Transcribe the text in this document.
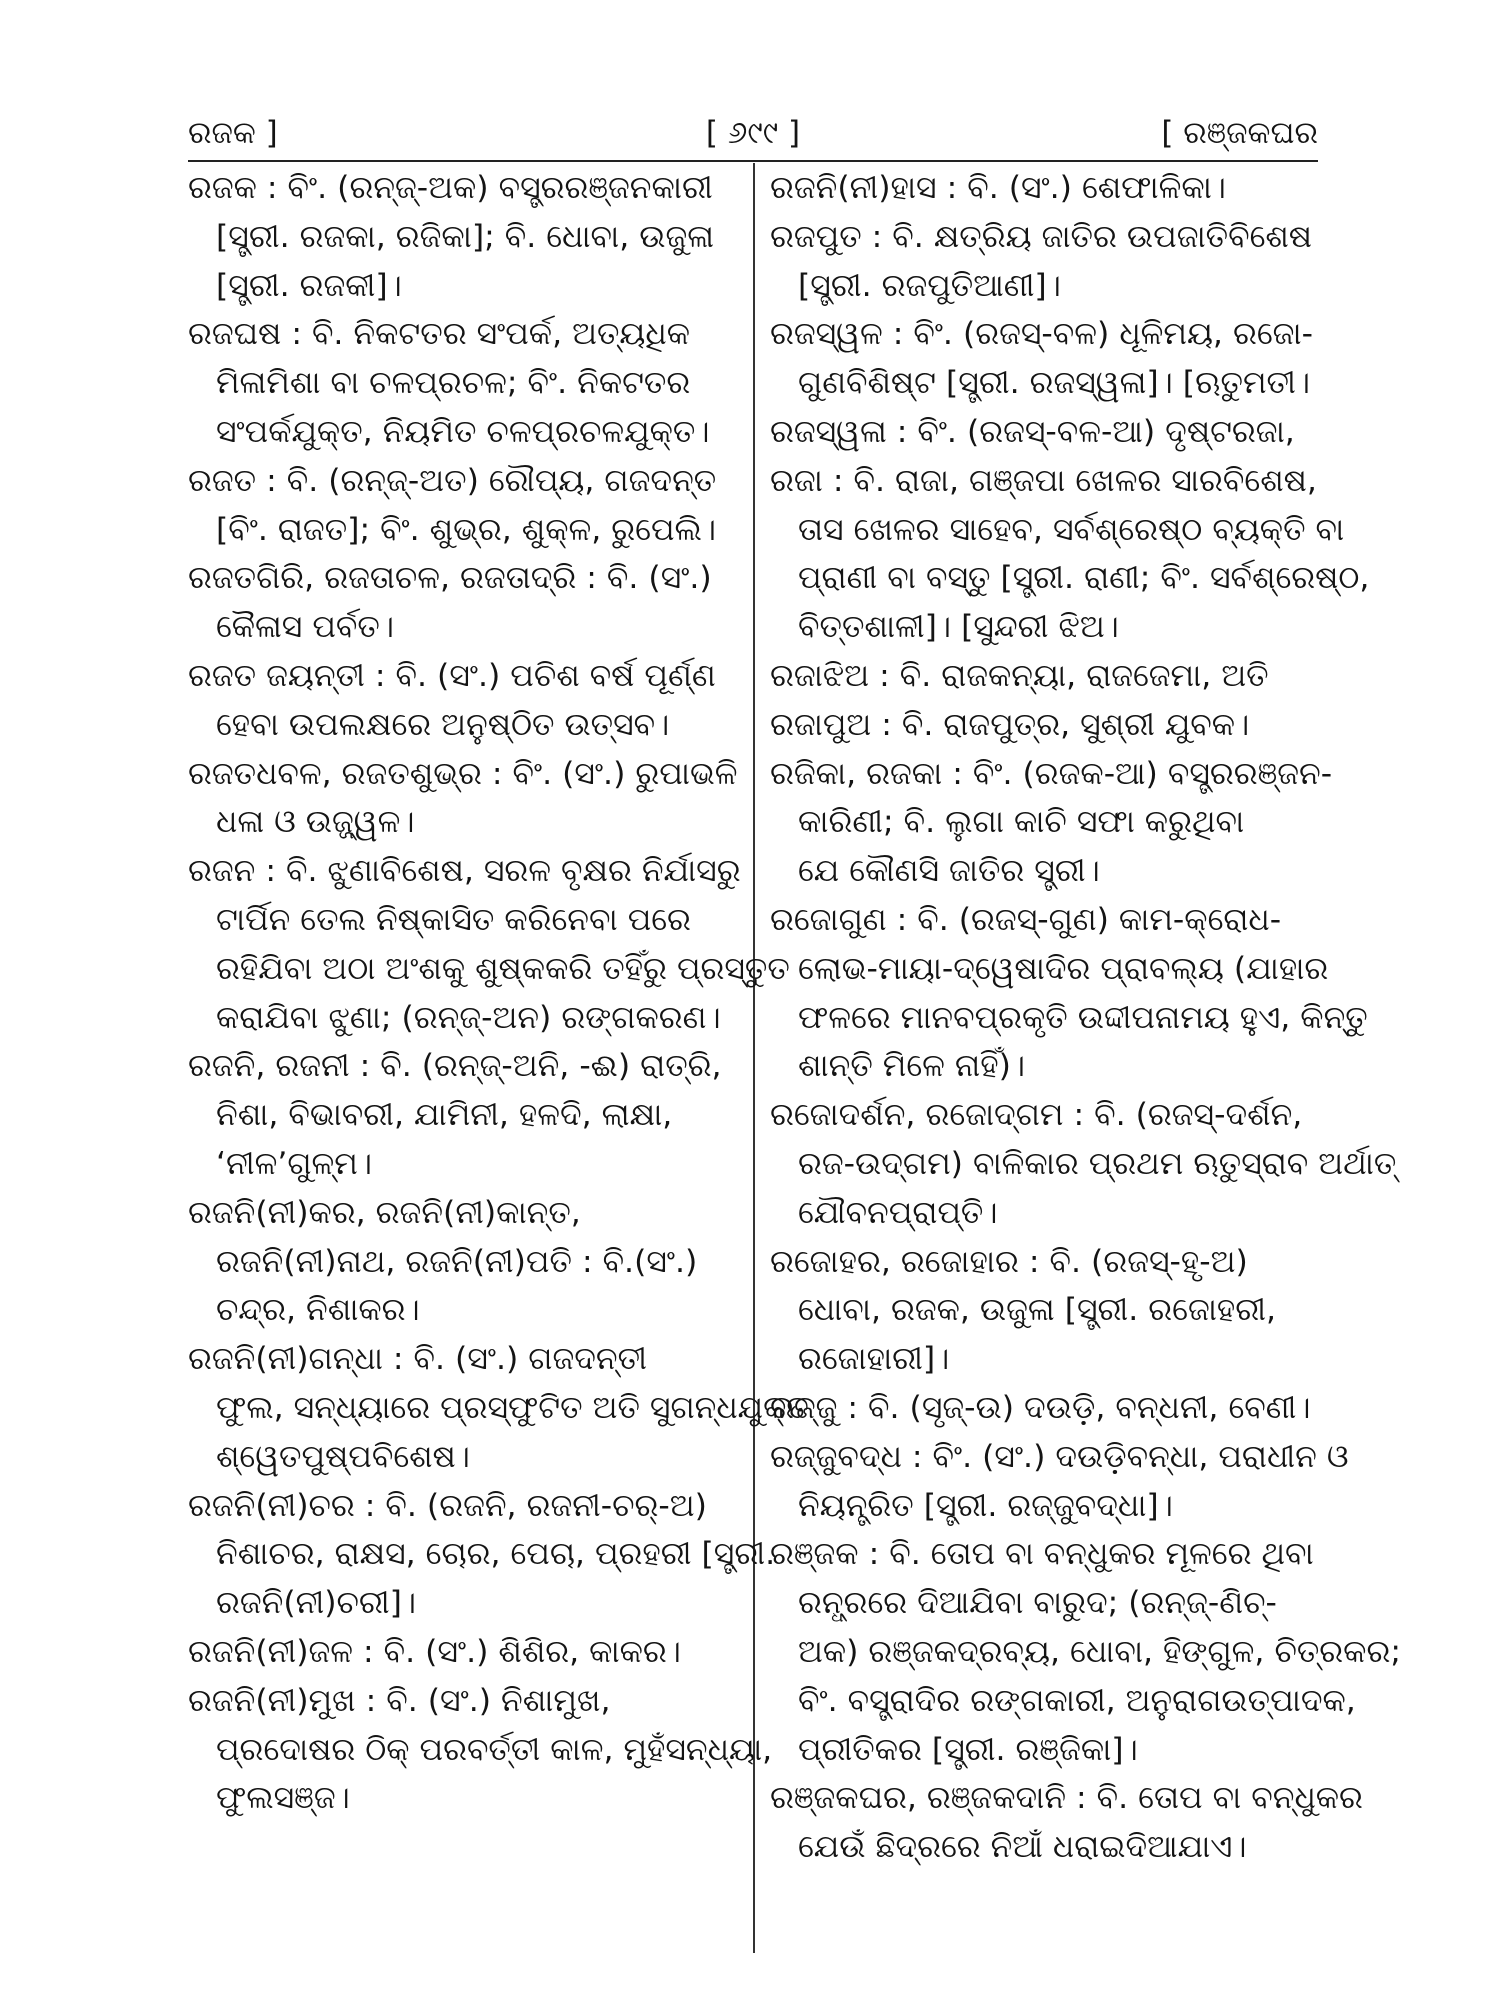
ରଜକ ]	[ ୬୯୯ ]	[ ରଞ୍ଜକଘର
ରଜକ : ବିଂ. (ରନ୍ଜ୍-ଅକ) ବସ୍ତ୍ରରଞ୍ଜନକାରୀ
[ସ୍ତ୍ରୀ. ରଜକା, ରଜିକା]; ବି. ଧୋବା, ଉଜୁଳା
[ସ୍ତ୍ରୀ. ରଜକୀ]।
ରଜଘଷ : ବି. ନିକଟତର ସଂପର୍କ, ଅତ୍ୟଧିକ
ମିଳାମିଶା ବା ଚଳପ୍ରଚଳ; ବିଂ. ନିକଟତର
ସଂପର୍କଯୁକ୍ତ, ନିୟମିତ ଚଳପ୍ରଚଳଯୁକ୍ତ।
ରଜତ : ବି. (ରନ୍ଜ୍-ଅତ) ରୌପ୍ୟ, ଗଜଦନ୍ତ
[ବିଂ. ରାଜତ]; ବିଂ. ଶୁଭ୍ର, ଶୁକ୍ଳ, ରୁପେଲି।
ରଜତଗିରି, ରଜତାଚଳ, ରଜତାଦ୍ରି : ବି. (ସଂ.)
କୈଳାସ ପର୍ବତ।
ରଜତ ଜୟନ୍ତୀ : ବି. (ସଂ.) ପଚିଶ ବର୍ଷ ପୂର୍ଣ୍ଣ
ହେବା ଉପଲକ୍ଷରେ ଅନୁଷ୍ଠିତ ଉତ୍ସବ।
ରଜତଧବଳ, ରଜତଶୁଭ୍ର : ବିଂ. (ସଂ.) ରୁପାଭଳି
ଧଳା ଓ ଉଜ୍ଜ୍ୱଳ।
ରଜନ : ବି. ଝୁଣାବିଶେଷ, ସରଳ ବୃକ୍ଷର ନିର୍ଯାସରୁ
ଟାର୍ପିନ ତେଲ ନିଷ୍କାସିତ କରିନେବା ପରେ
ରହିଯିବା ଅଠା ଅଂଶକୁ ଶୁଷ୍କକରି ତହିଁରୁ ପ୍ରସ୍ତୁତ
କରାଯିବା ଝୁଣା; (ରନ୍ଜ୍-ଅନ) ରଙ୍ଗକରଣ।
ରଜନି, ରଜନୀ : ବି. (ରନ୍ଜ୍-ଅନି, -ଈ) ରାତ୍ରି,
ନିଶା, ବିଭାବରୀ, ଯାମିନୀ, ହଳଦି, ଲାକ୍ଷା,
‘ନୀଳ’ଗୁଳ୍ମ।
ରଜନି(ନୀ)କର, ରଜନି(ନୀ)କାନ୍ତ,
ରଜନି(ନୀ)ନାଥ, ରଜନି(ନୀ)ପତି : ବି.(ସଂ.)
ଚନ୍ଦ୍ର, ନିଶାକର।
ରଜନି(ନୀ)ଗନ୍ଧା : ବି. (ସଂ.) ଗଜଦନ୍ତୀ
ଫୁଲ, ସନ୍ଧ୍ୟାରେ ପ୍ରସ୍ଫୁଟିତ ଅତି ସୁଗନ୍ଧଯୁକ୍ତ
ଶ୍ୱେତପୁଷ୍ପବିଶେଷ।
ରଜନି(ନୀ)ଚର : ବି. (ରଜନି, ରଜନୀ-ଚର୍-ଅ)
ନିଶାଚର, ରାକ୍ଷସ, ଚୋର, ପେଚା, ପ୍ରହରୀ [ସ୍ତ୍ରୀ.
ରଜନି(ନୀ)ଚରୀ]।
ରଜନି(ନୀ)ଜଳ : ବି. (ସଂ.) ଶିଶିର, କାକର।
ରଜନି(ନୀ)ମୁଖ : ବି. (ସଂ.) ନିଶାମୁଖ,
ପ୍ରଦୋଷର ଠିକ୍ ପରବର୍ତ୍ତୀ କାଳ, ମୁହଁସନ୍ଧ୍ୟା,
ଫୁଲସଞ୍ଜ।
ରଜନି(ନୀ)ହାସ : ବି. (ସଂ.) ଶେଫାଳିକା।
ରଜପୁତ : ବି. କ୍ଷତ୍ରିୟ ଜାତିର ଉପଜାତିବିଶେଷ
[ସ୍ତ୍ରୀ. ରଜପୁତିଆଣୀ]।
ରଜସ୍ୱଳ : ବିଂ. (ରଜସ୍-ବଳ) ଧୂଳିମୟ, ରଜୋ-
ଗୁଣବିଶିଷ୍ଟ [ସ୍ତ୍ରୀ. ରଜସ୍ୱଳା]। [ଋତୁମତୀ।
ରଜସ୍ୱଳା : ବିଂ. (ରଜସ୍-ବଳ-ଆ) ଦୃଷ୍ଟରଜା,
ରଜା : ବି. ରାଜା, ଗଞ୍ଜପା ଖେଳର ସାରବିଶେଷ,
ତାସ ଖେଳର ସାହେବ, ସର୍ବଶ୍ରେଷ୍ଠ ବ୍ୟକ୍ତି ବା
ପ୍ରାଣୀ ବା ବସ୍ତୁ [ସ୍ତ୍ରୀ. ରାଣୀ; ବିଂ. ସର୍ବଶ୍ରେଷ୍ଠ,
ବିତ୍ତଶାଳୀ]। [ସୁନ୍ଦରୀ ଝିଅ।
ରଜାଝିଅ : ବି. ରାଜକନ୍ୟା, ରାଜଜେମା, ଅତି
ରଜାପୁଅ : ବି. ରାଜପୁତ୍ର, ସୁଶ୍ରୀ ଯୁବକ।
ରଜିକା, ରଜକା : ବିଂ. (ରଜକ-ଆ) ବସ୍ତ୍ରରଞ୍ଜନ-
କାରିଣୀ; ବି. ଲୁଗା କାଚି ସଫା କରୁଥିବା
ଯେ କୌଣସି ଜାତିର ସ୍ତ୍ରୀ।
ରଜୋଗୁଣ : ବି. (ରଜସ୍-ଗୁଣ) କାମ-କ୍ରୋଧ-
ଲୋଭ-ମାୟା-ଦ୍ୱେଷାଦିର ପ୍ରାବଲ୍ୟ (ଯାହାର
ଫଳରେ ମାନବପ୍ରକୃତି ଉଦ୍ଦୀପନାମୟ ହୁଏ, କିନ୍ତୁ
ଶାନ୍ତି ମିଳେ ନାହିଁ)।
ରଜୋଦର୍ଶନ, ରଜୋଦ୍ଗମ : ବି. (ରଜସ୍-ଦର୍ଶନ,
ରଜ-ଉଦ୍ଗମ) ବାଳିକାର ପ୍ରଥମ ଋତୁସ୍ରାବ ଅର୍ଥାତ୍
ଯୌବନପ୍ରାପ୍ତି।
ରଜୋହର, ରଜୋହାର : ବି. (ରଜସ୍-ହୃ-ଅ)
ଧୋବା, ରଜକ, ଉଜୁଳା [ସ୍ତ୍ରୀ. ରଜୋହରୀ,
ରଜୋହାରୀ]।
ରଜ୍ଜୁ : ବି. (ସୃଜ୍-ଉ) ଦଉଡ଼ି, ବନ୍ଧନୀ, ବେଣୀ।
ରଜ୍ଜୁବଦ୍ଧ : ବିଂ. (ସଂ.) ଦଉଡ଼ିବନ୍ଧା, ପରାଧୀନ ଓ
ନିୟନ୍ତ୍ରିତ [ସ୍ତ୍ରୀ. ରଜ୍ଜୁବଦ୍ଧା]।
ରଞ୍ଜକ : ବି. ତୋପ ବା ବନ୍ଧୁକର ମୂଳରେ ଥିବା
ରନ୍ଧ୍ରରେ ଦିଆଯିବା ବାରୁଦ; (ରନ୍ଜ୍-ଣିଚ୍-
ଅକ) ରଞ୍ଜକଦ୍ରବ୍ୟ, ଧୋବା, ହିଙ୍ଗୁଳ, ଚିତ୍ରକର;
ବିଂ. ବସ୍ତ୍ରାଦିର ରଙ୍ଗକାରୀ, ଅନୁରାଗଉତ୍ପାଦକ,
ପ୍ରୀତିକର [ସ୍ତ୍ରୀ. ରଞ୍ଜିକା]।
ରଞ୍ଜକଘର, ରଞ୍ଜକଦାନି : ବି. ତୋପ ବା ବନ୍ଧୁକର
ଯେଉଁ ଛିଦ୍ରରେ ନିଆଁ ଧରାଇଦିଆଯାଏ।
